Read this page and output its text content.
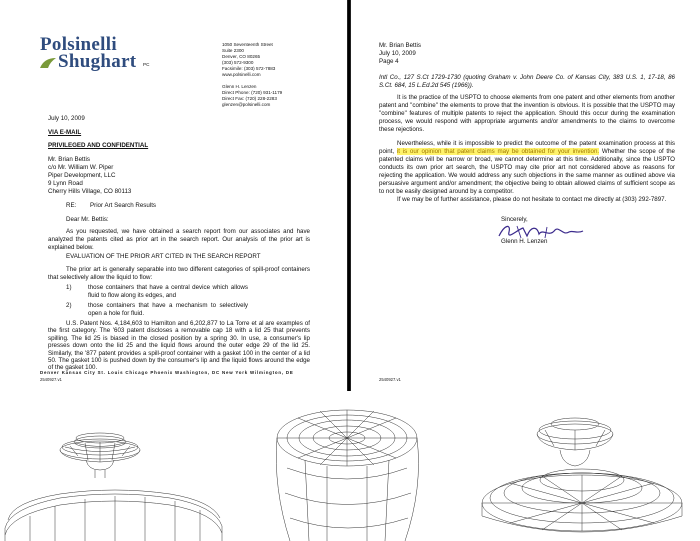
Polsinelli
Shughart PC
1050 Seventeenth Street
Suite 2300
Denver, CO 80265
(303) 572-9300
Facsimile: (303) 572-7883
www.polsinelli.com
Glenn H. Lenzen
Direct Phone: (720) 931-1179
Direct Fax: (720) 228-2283
glenzen@polsinelli.com
July 10, 2009
VIA E-MAIL
PRIVILEGED AND CONFIDENTIAL
Mr. Brian Bettis
c/o Mr. William W. Piper
Piper Development, LLC
9 Lynn Road
Cherry Hills Village, CO 80113
RE: Prior Art Search Results
Dear Mr. Bettis:
As you requested, we have obtained a search report from our associates and have analyzed the patents cited as prior art in the search report. Our analysis of the prior art is explained below.
EVALUATION OF THE PRIOR ART CITED IN THE SEARCH REPORT
The prior art is generally separable into two different categories of spill-proof containers that selectively allow the liquid to flow:
1)	those containers that have a central device which allows fluid to flow along its edges, and
2)	those containers that have a mechanism to selectively open a hole for fluid.
U.S. Patent Nos. 4,184,603 to Hamilton and 6,202,877 to La Torre et al are examples of the first category. The '603 patent discloses a removable cap 18 with a lid 25 that prevents spilling. The lid 25 is biased in the closed position by a spring 30. In use, a consumer's lip presses down onto the lid 25 and the liquid flows around the outer edge 29 of the lid 25. Similarly, the '877 patent provides a spill-proof container with a gasket 100 in the center of a lid 50. The gasket 100 is pushed down by the consumer's lip and the liquid flows around the edge of the gasket 100.
Denver Kansas City St. Louis Chicago Phoenix Washington, DC New York Wilmington, DE
2540927.v1
Mr. Brian Bettis
July 10, 2009
Page 4
Intl Co., 127 S.Ct 1729-1730 (quoting Graham v. John Deere Co. of Kansas City, 383 U.S. 1, 17-18, 86 S.Ct. 684, 15 L.Ed.2d 545 (1966)).
It is the practice of the USPTO to choose elements from one patent and other elements from another patent and "combine" the elements to prove that the invention is obvious. It is possible that the USPTO may "combine" features of multiple patents to reject the application. Should this occur during the examination process, we would respond with appropriate arguments and/or amendments to the claims to overcome these rejections.
Nevertheless, while it is impossible to predict the outcome of the patent examination process at this point, it is our opinion that patent claims may be obtained for your invention. Whether the scope of the patented claims will be narrow or broad, we cannot determine at this time. Additionally, since the USPTO conducts its own prior art search, the USPTO may cite prior art not considered above as reasons for rejecting the application. We would address any such objections in the same manner as outlined above via persuasive argument and/or amendment; the objective being to obtain allowed claims of sufficient scope as to not be easily designed around by a competitor.
If we may be of further assistance, please do not hesitate to contact me directly at (303) 292-7897.
Sincerely,
Glenn H. Lenzen
2540927.v1
